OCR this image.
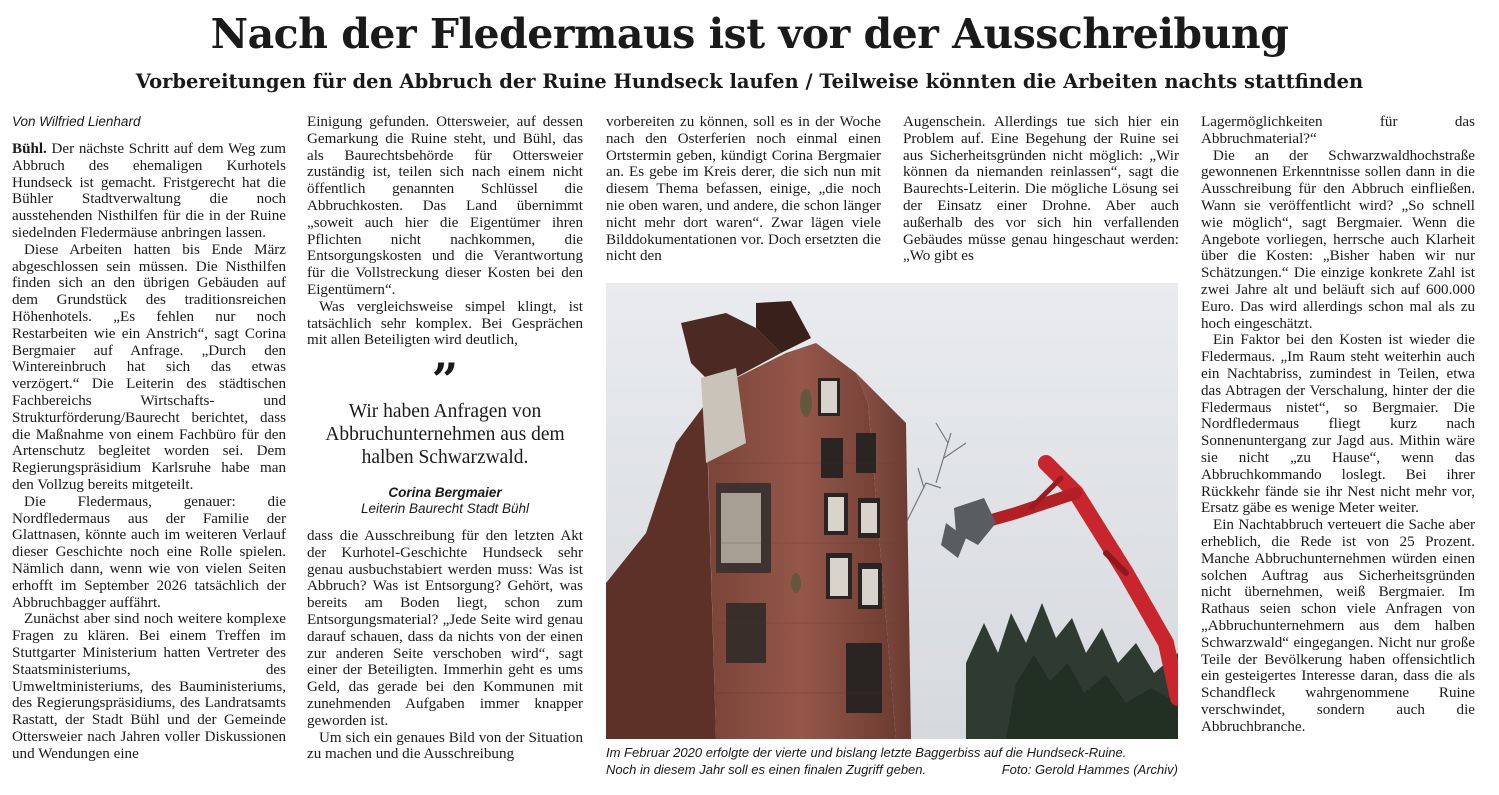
Nach der Fledermaus ist vor der Ausschreibung
Vorbereitungen für den Abbruch der Ruine Hundseck laufen / Teilweise könnten die Arbeiten nachts stattfinden

Von Wilfried Lienhard

Bühl. Der nächste Schritt auf dem Weg zum Abbruch des ehemaligen Kurhotels Hundseck ist gemacht. Fristgerecht hat die Bühler Stadtverwaltung die noch ausstehenden Nisthilfen für die in der Ruine siedelnden Fledermäuse anbringen lassen.

Diese Arbeiten hatten bis Ende März abgeschlossen sein müssen. Die Nisthilfen finden sich an den übrigen Gebäuden auf dem Grundstück des traditionsreichen Höhenhotels. „Es fehlen nur noch Restarbeiten wie ein Anstrich“, sagt Corina Bergmaier auf Anfrage. „Durch den Wintereinbruch hat sich das etwas verzögert.“ Die Leiterin des städtischen Fachbereichs Wirtschafts- und Strukturförderung/Baurecht berichtet, dass die Maßnahme von einem Fachbüro für den Artenschutz begleitet worden sei. Dem Regierungspräsidium Karlsruhe habe man den Vollzug bereits mitgeteilt.

Die Fledermaus, genauer: die Nordfledermaus aus der Familie der Glattnasen, könnte auch im weiteren Verlauf dieser Geschichte noch eine Rolle spielen. Nämlich dann, wenn wie von vielen Seiten erhofft im September 2026 tatsächlich der Abbruchbagger auffährt.

Zunächst aber sind noch weitere komplexe Fragen zu klären. Bei einem Treffen im Stuttgarter Ministerium hatten Vertreter des Staatsministeriums, des Umweltministeriums, des Bauministeriums, des Regierungspräsidiums, des Landratsamts Rastatt, der Stadt Bühl und der Gemeinde Ottersweier nach Jahren voller Diskussionen und Wendungen eine

Einigung gefunden. Ottersweier, auf dessen Gemarkung die Ruine steht, und Bühl, das als Baurechtsbehörde für Ottersweier zuständig ist, teilen sich nach einem nicht öffentlich genannten Schlüssel die Abbruchkosten. Das Land übernimmt „soweit auch hier die Eigentümer ihren Pflichten nicht nachkommen, die Entsorgungskosten und die Verantwortung für die Vollstreckung dieser Kosten bei den Eigentümern“.

Was vergleichsweise simpel klingt, ist tatsächlich sehr komplex. Bei Gesprächen mit allen Beteiligten wird deutlich,

”
Wir haben Anfragen von Abbruchunternehmen aus dem halben Schwarzwald.
Corina Bergmaier
Leiterin Baurecht Stadt Bühl

dass die Ausschreibung für den letzten Akt der Kurhotel-Geschichte Hundseck sehr genau ausbuchstabiert werden muss: Was ist Abbruch? Was ist Entsorgung? Gehört, was bereits am Boden liegt, schon zum Entsorgungsmaterial? „Jede Seite wird genau darauf schauen, dass da nichts von der einen zur anderen Seite verschoben wird“, sagt einer der Beteiligten. Immerhin geht es ums Geld, das gerade bei den Kommunen mit zunehmenden Aufgaben immer knapper geworden ist.

Um sich ein genaues Bild von der Situation zu machen und die Ausschreibung

vorbereiten zu können, soll es in der Woche nach den Osterferien noch einmal einen Ortstermin geben, kündigt Corina Bergmaier an. Es gebe im Kreis derer, die sich nun mit diesem Thema befassen, einige, „die noch nie oben waren, und andere, die schon länger nicht mehr dort waren“. Zwar lägen viele Bilddokumentationen vor. Doch ersetzten die nicht den

Augenschein. Allerdings tue sich hier ein Problem auf. Eine Begehung der Ruine sei aus Sicherheitsgründen nicht möglich: „Wir können da niemanden reinlassen“, sagt die Baurechts-Leiterin. Die mögliche Lösung sei der Einsatz einer Drohne. Aber auch außerhalb des vor sich hin verfallenden Gebäudes müsse genau hingeschaut werden: „Wo gibt es

Lagermöglichkeiten für das Abbruchmaterial?“

Die an der Schwarzwaldhochstraße gewonnenen Erkenntnisse sollen dann in die Ausschreibung für den Abbruch einfließen. Wann sie veröffentlicht wird? „So schnell wie möglich“, sagt Bergmaier. Wenn die Angebote vorliegen, herrsche auch Klarheit über die Kosten: „Bisher haben wir nur Schätzungen.“ Die einzige konkrete Zahl ist zwei Jahre alt und beläuft sich auf 600.000 Euro. Das wird allerdings schon mal als zu hoch eingeschätzt.

Ein Faktor bei den Kosten ist wieder die Fledermaus. „Im Raum steht weiterhin auch ein Nachtabriss, zumindest in Teilen, etwa das Abtragen der Verschalung, hinter der die Fledermaus nistet“, so Bergmaier. Die Nordfledermaus fliegt kurz nach Sonnenuntergang zur Jagd aus. Mithin wäre sie nicht „zu Hause“, wenn das Abbruchkommando loslegt. Bei ihrer Rückkehr fände sie ihr Nest nicht mehr vor, Ersatz gäbe es wenige Meter weiter.

Ein Nachtabbruch verteuert die Sache aber erheblich, die Rede ist von 25 Prozent. Manche Abbruchunternehmen würden einen solchen Auftrag aus Sicherheitsgründen nicht übernehmen, weiß Bergmaier. Im Rathaus seien schon viele Anfragen von „Abbruchunternehmern aus dem halben Schwarzwald“ eingegangen. Nicht nur große Teile der Bevölkerung haben offensichtlich ein gesteigertes Interesse daran, dass die als Schandfleck wahrgenommene Ruine verschwindet, sondern auch die Abbruchbranche.

Im Februar 2020 erfolgte der vierte und bislang letzte Baggerbiss auf die Hundseck-Ruine.
Noch in diesem Jahr soll es einen finalen Zugriff geben.	Foto: Gerold Hammes (Archiv)
